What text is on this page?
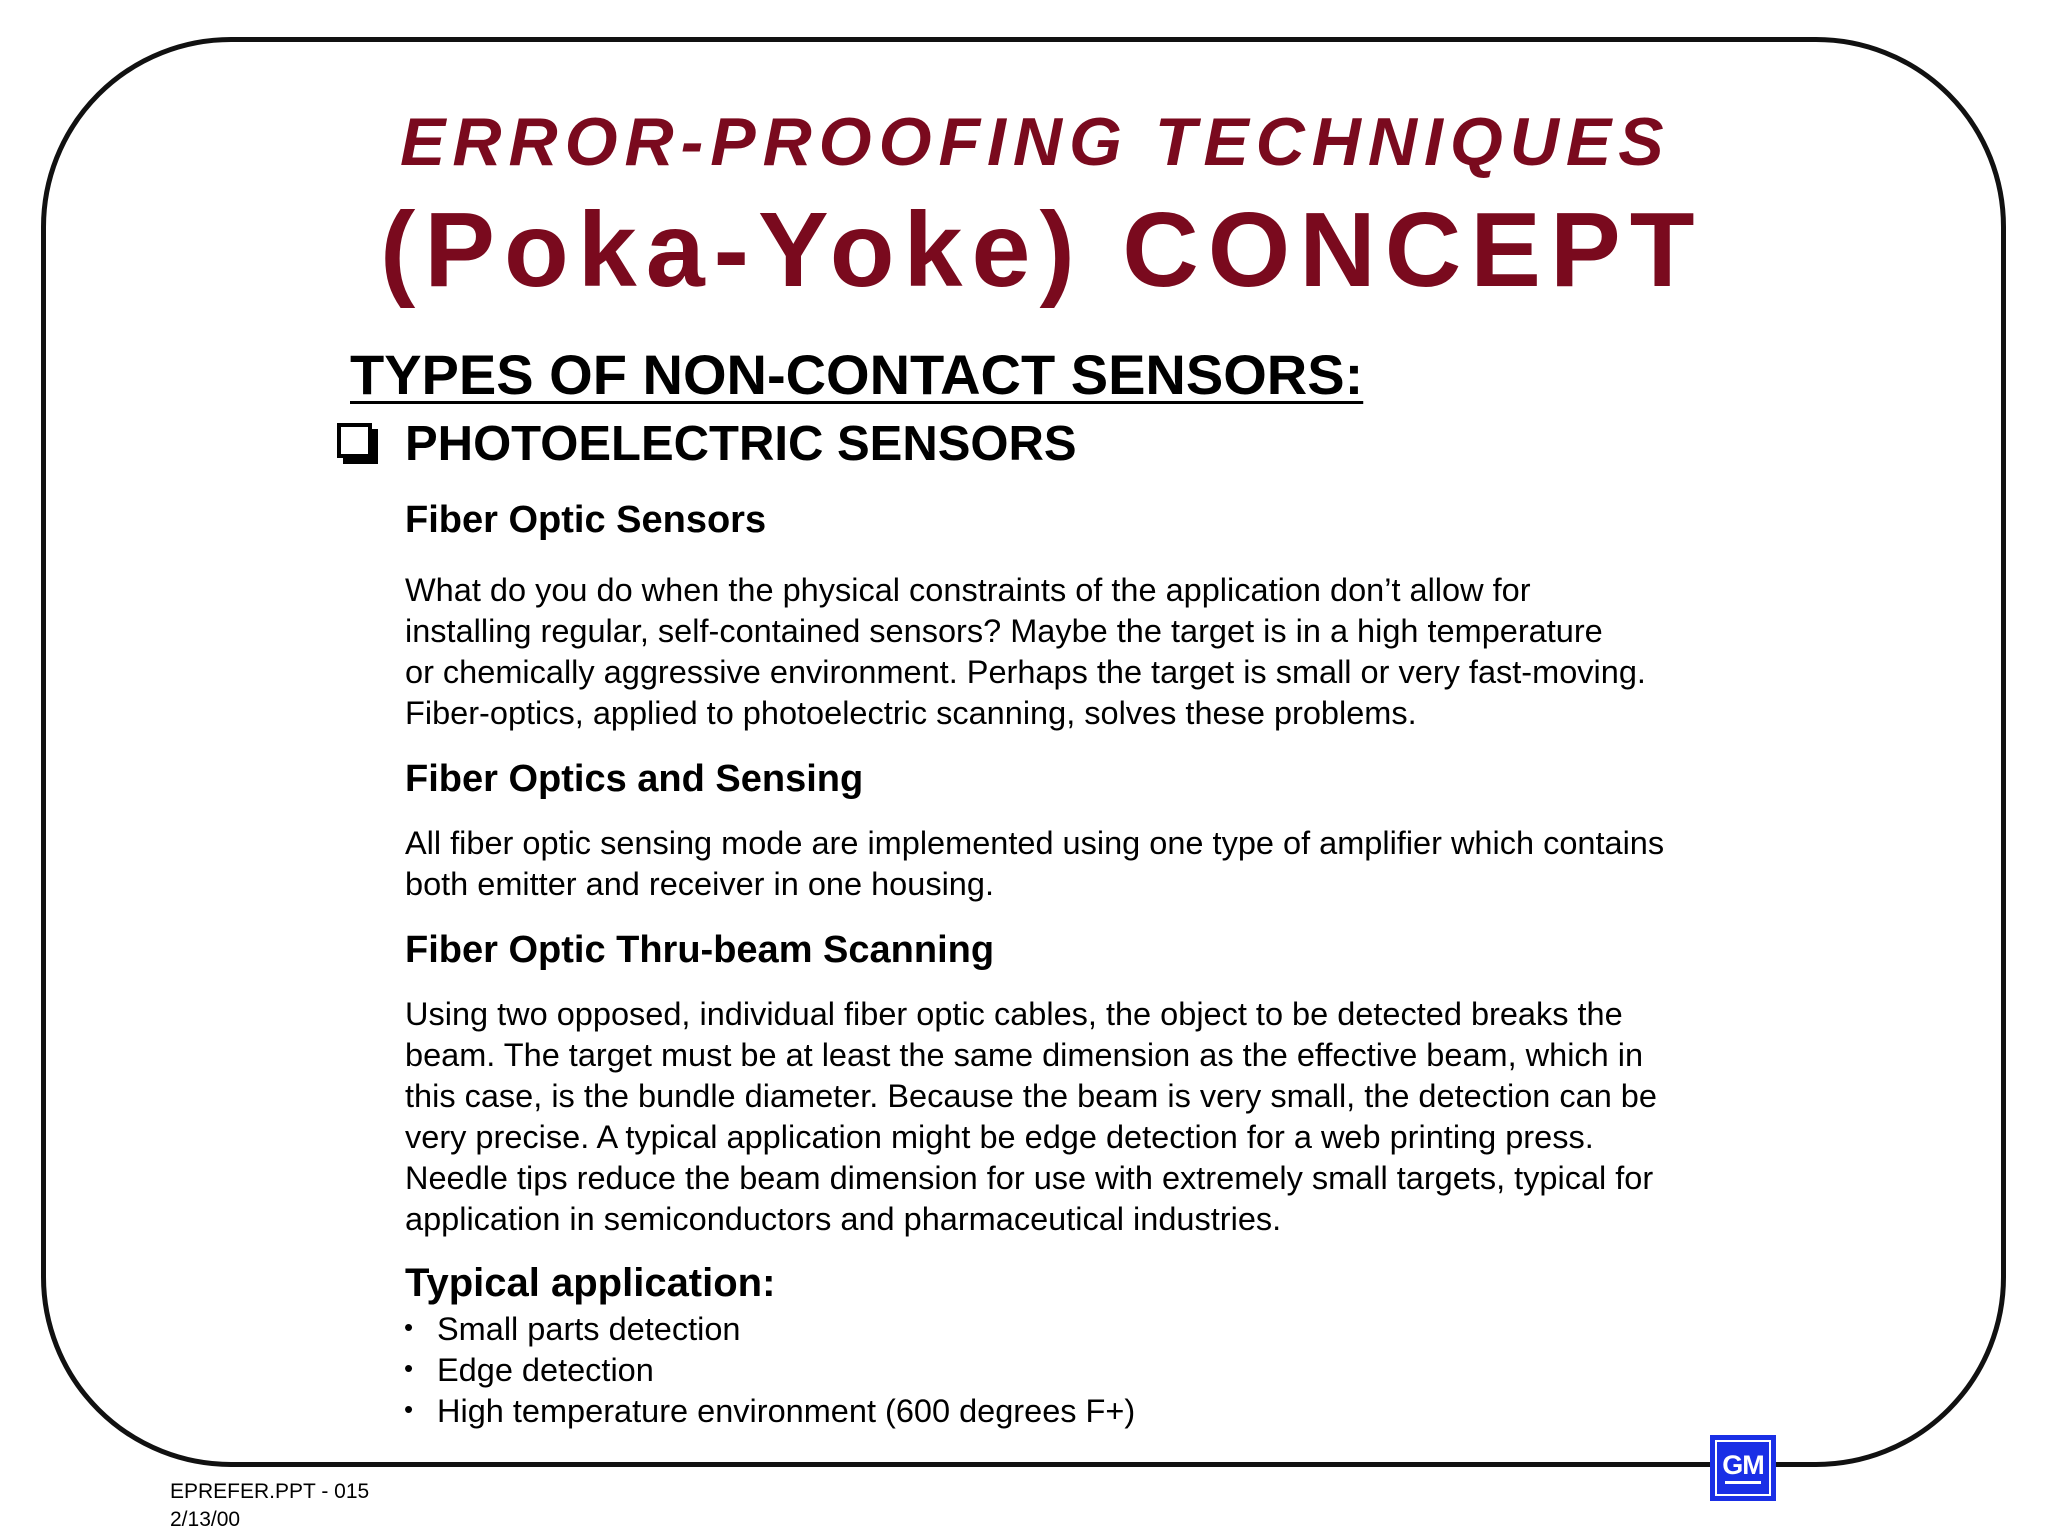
ERROR-PROOFING TECHNIQUES
(Poka-Yoke) CONCEPT
TYPES OF NON-CONTACT SENSORS:
PHOTOELECTRIC SENSORS
Fiber Optic Sensors
What do you do when the physical constraints of the application don’t allow for
installing regular, self-contained sensors? Maybe the target is in a high temperature
or chemically aggressive environment. Perhaps the target is small or very fast-moving.
Fiber-optics, applied to photoelectric scanning, solves these problems.
Fiber Optics and Sensing
All fiber optic sensing mode are implemented using one type of amplifier which contains
both emitter and receiver in one housing.
Fiber Optic Thru-beam Scanning
Using two opposed, individual fiber optic cables, the object to be detected breaks the
beam. The target must be at least the same dimension as the effective beam, which in
this case, is the bundle diameter. Because the beam is very small, the detection can be
very precise. A typical application might be edge detection for a web printing press.
Needle tips reduce the beam dimension for use with extremely small targets, typical for
application in semiconductors and pharmaceutical industries.
Typical application:
• Small parts detection
• Edge detection
• High temperature environment (600 degrees F+)
EPREFER.PPT - 015
2/13/00
GM
